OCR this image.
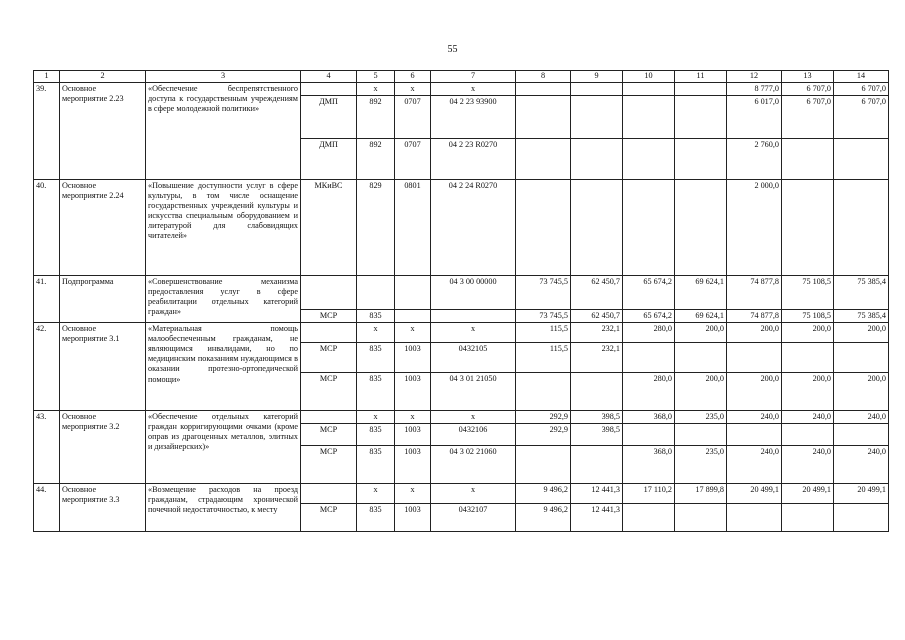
55
1	2	3	4	5	6	7	8	9	10	11	12	13	14
39.	Основное мероприятие 2.23	«Обеспечение беспрепятственного доступа к государственным учреждениям в сфере молодежной политики»		х	х	х					8 777,0	6 707,0	6 707,0
			ДМП	892	0707	04 2 23 93900					6 017,0	6 707,0	6 707,0
			ДМП	892	0707	04 2 23 R0270					2 760,0		
40.	Основное мероприятие 2.24	«Повышение доступности услуг в сфере культуры, в том числе оснащение государственных учреждений культуры и искусства специальным оборудованием и литературой для слабовидящих читателей»	МКиВС	829	0801	04 2 24 R0270					2 000,0		
41.	Подпрограмма	«Совершенствование механизма предоставления услуг в сфере реабилитации отдельных категорий граждан»				04 3 00 00000	73 745,5	62 450,7	65 674,2	69 624,1	74 877,8	75 108,5	75 385,4
			МСР	835			73 745,5	62 450,7	65 674,2	69 624,1	74 877,8	75 108,5	75 385,4
42.	Основное мероприятие 3.1	«Материальная помощь малообеспеченным гражданам, не являющимся инвалидами, но по медицинским показаниям нуждающимся в оказании протезно-ортопедической помощи»		х	х	х	115,5	232,1	280,0	200,0	200,0	200,0	200,0
			МСР	835	1003	0432105	115,5	232,1					
			МСР	835	1003	04 3 01 21050			280,0	200,0	200,0	200,0	200,0
43.	Основное мероприятие 3.2	«Обеспечение отдельных категорий граждан корригирующими очками (кроме оправ из драгоценных металлов, элитных и дизайнерских)»		х	х	х	292,9	398,5	368,0	235,0	240,0	240,0	240,0
			МСР	835	1003	0432106	292,9	398,5					
			МСР	835	1003	04 3 02 21060			368,0	235,0	240,0	240,0	240,0
44.	Основное мероприятие 3.3	«Возмещение расходов на проезд гражданам, страдающим хронической почечной недостаточностью, к месту		х	х	х	9 496,2	12 441,3	17 110,2	17 899,8	20 499,1	20 499,1	20 499,1
			МСР	835	1003	0432107	9 496,2	12 441,3					
